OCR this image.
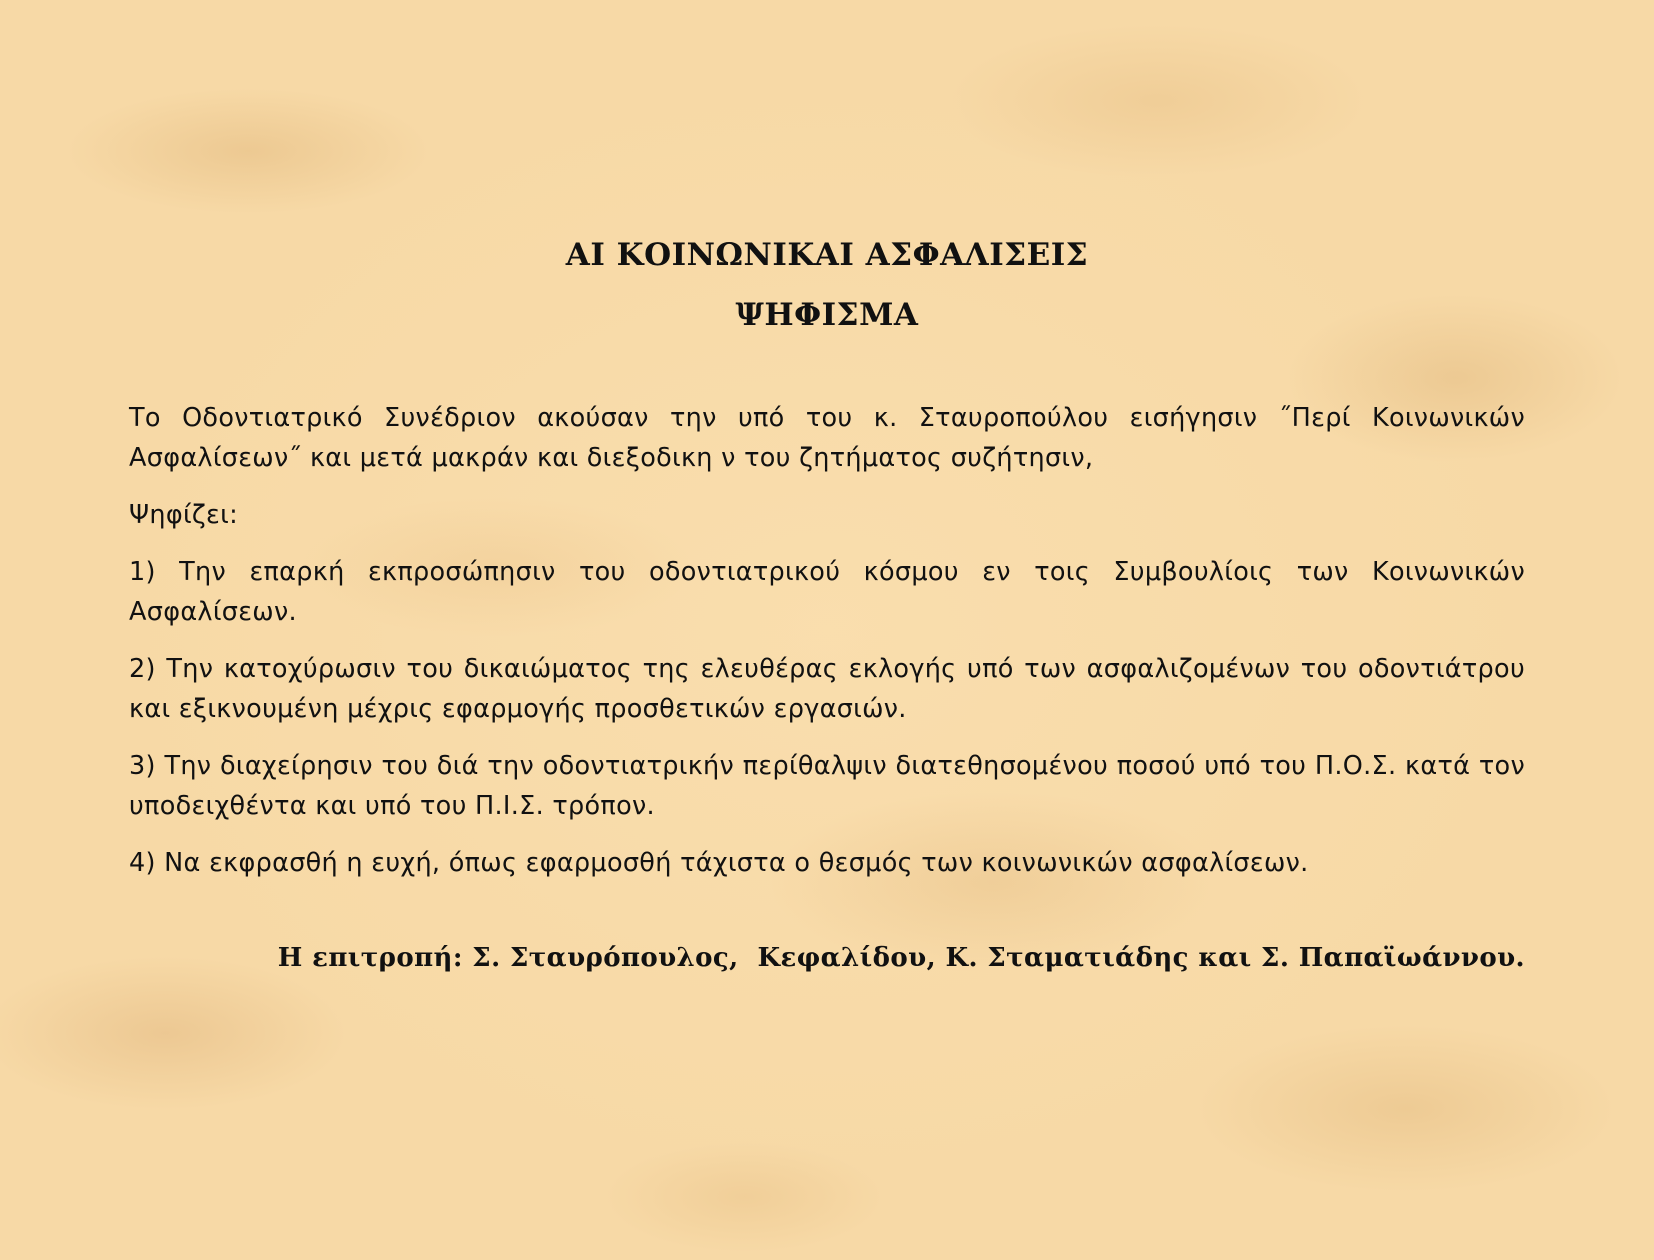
ΑΙ ΚΟΙΝΩΝΙΚΑΙ ΑΣΦΑΛΙΣΕΙΣ
ΨΗΦΙΣΜΑ

Το Οδοντιατρικό Συνέδριον ακούσαν την υπό του κ. Σταυροπούλου εισήγησιν ˝Περί Κοινωνικών Ασφαλίσεων˝ και μετά μακράν και διεξοδικη ν του ζητήματος συζήτησιν,

Ψηφίζει:

1) Την επαρκή εκπροσώπησιν του οδοντιατρικού κόσμου εν τοις Συμβουλίοις των Κοινωνικών Ασφαλίσεων.

2) Την κατοχύρωσιν του δικαιώματος της ελευθέρας εκλογής υπό των ασφαλιζομένων του οδοντιάτρου και εξικνουμένη μέχρις εφαρμογής προσθετικών εργασιών.

3) Την διαχείρησιν του διά την οδοντιατρικήν περίθαλψιν διατεθησομένου ποσού υπό του Π.Ο.Σ. κατά τον υποδειχθέντα και υπό του Π.Ι.Σ. τρόπον.

4) Να εκφρασθή η ευχή, όπως εφαρμοσθή τάχιστα ο θεσμός των κοινωνικών ασφαλίσεων.

Η επιτροπή: Σ. Σταυρόπουλος,  Κεφαλίδου, Κ. Σταματιάδης και Σ. Παπαϊωάννου.
